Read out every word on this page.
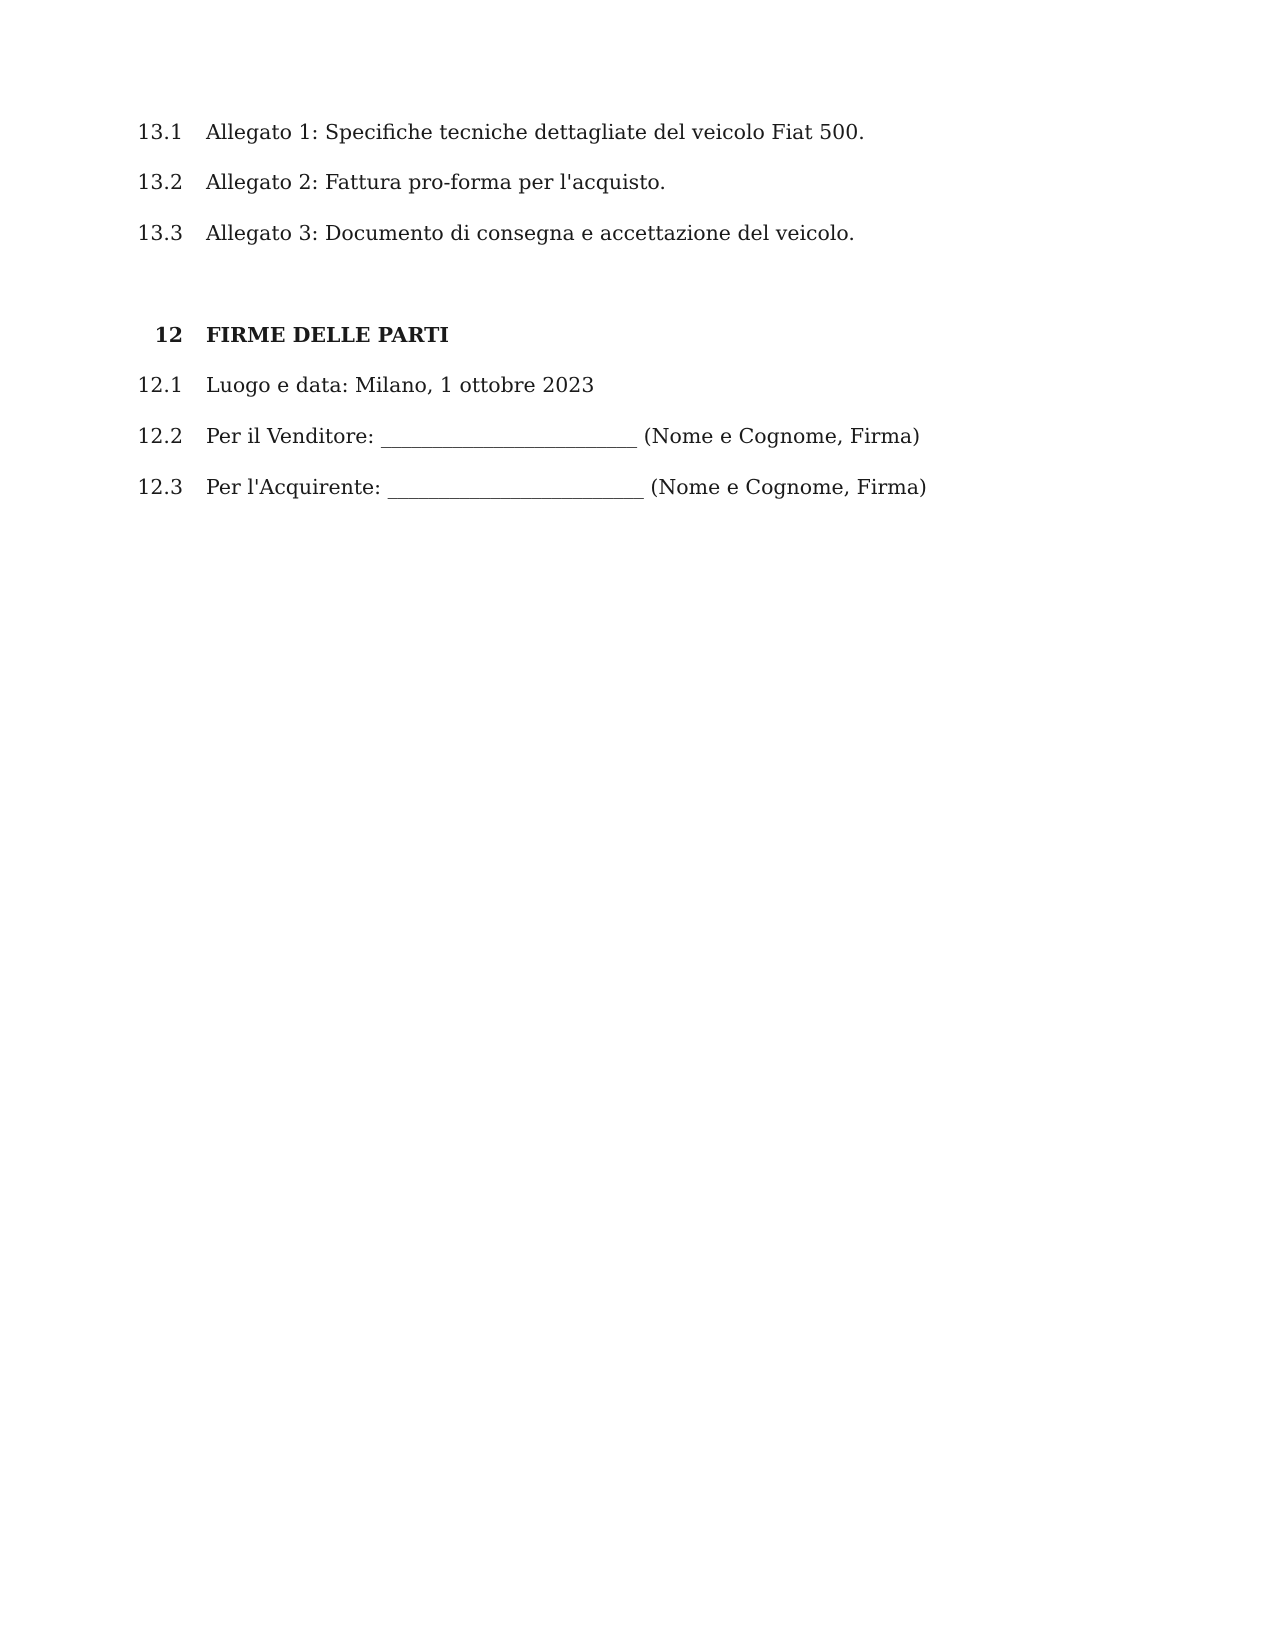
13.1 Allegato 1: Specifiche tecniche dettagliate del veicolo Fiat 500.
13.2 Allegato 2: Fattura pro-forma per l'acquisto.
13.3 Allegato 3: Documento di consegna e accettazione del veicolo.
12 FIRME DELLE PARTI
12.1 Luogo e data: Milano, 1 ottobre 2023
12.2 Per il Venditore: _________________________ (Nome e Cognome, Firma)
12.3 Per l'Acquirente: _________________________ (Nome e Cognome, Firma)
